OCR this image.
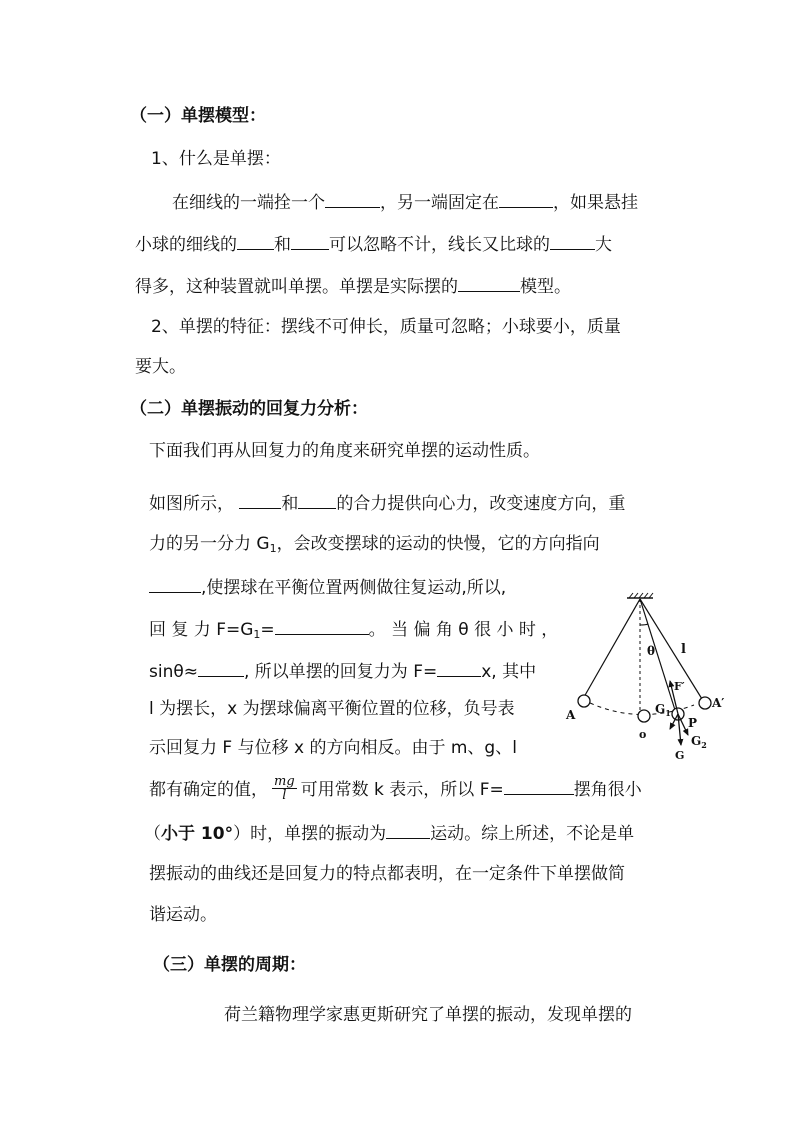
（一）单摆模型：
1、什么是单摆：
在细线的一端拴一个	，另一端固定在	，如果悬挂
小球的细线的 和 可以忽略不计，线长又比球的	大
得多，这种装置就叫单摆。单摆是实际摆的	模型。
2、单摆的特征：摆线不可伸长，质量可忽略；小球要小，质量
要大。
（二）单摆振动的回复力分析：
下面我们再从回复力的角度来研究单摆的运动性质。
如图所示，	和 的合力提供向心力，改变速度方向，重
力的另一分力 $G_1$，会改变摆球的运动的快慢，它的方向指向
,使摆球在平衡位置两侧做往复运动,所以,
回 复 力 $F=G_1=$	。 当 偏 角 θ 很 小 时 ，
sinθ≈	, 所以单摆的回复力为 F=	x, 其中
l 为摆长，x 为摆球偏离平衡位置的位移，负号表
示回复力 F 与位移 x 的方向相反。由于 m、g、l
都有确定的值， $\frac{mg}{l}$ 可用常数 k 表示，所以 F=	摆角很小
（小于 10°）时，单摆的振动为	运动。综上所述，不论是单
摆振动的曲线还是回复力的特点都表明，在一定条件下单摆做简
谐运动。
（三）单摆的周期：
荷兰籍物理学家惠更斯研究了单摆的振动，发现单摆的
l
θ
A
A′
o
F′
$G_1$
P
$G_2$
G
